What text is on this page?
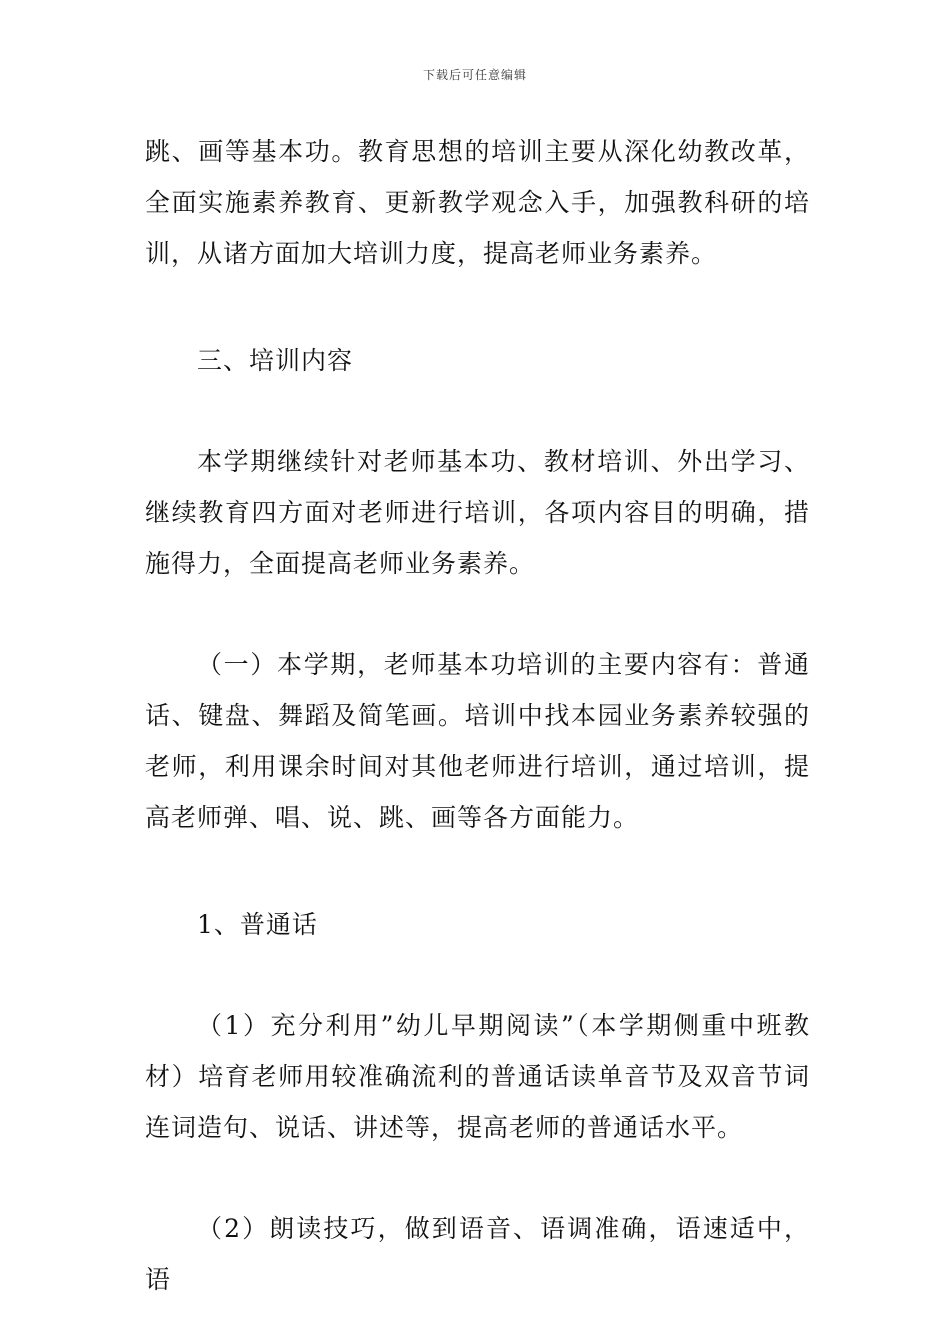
下载后可任意编辑

跳、画等基本功。教育思想的培训主要从深化幼教改革，全面实施素养教育、更新教学观念入手，加强教科研的培训，从诸方面加大培训力度，提高老师业务素养。

三、培训内容

本学期继续针对老师基本功、教材培训、外出学习、继续教育四方面对老师进行培训，各项内容目的明确，措施得力，全面提高老师业务素养。

（一）本学期，老师基本功培训的主要内容有：普通话、键盘、舞蹈及简笔画。培训中找本园业务素养较强的老师，利用课余时间对其他老师进行培训，通过培训，提高老师弹、唱、说、跳、画等各方面能力。

1、普通话

（1）充分利用”幼儿早期阅读”（本学期侧重中班教材）培育老师用较准确流利的普通话读单音节及双音节词连词造句、说话、讲述等，提高老师的普通话水平。

（2）朗读技巧，做到语音、语调准确，语速适中，语
